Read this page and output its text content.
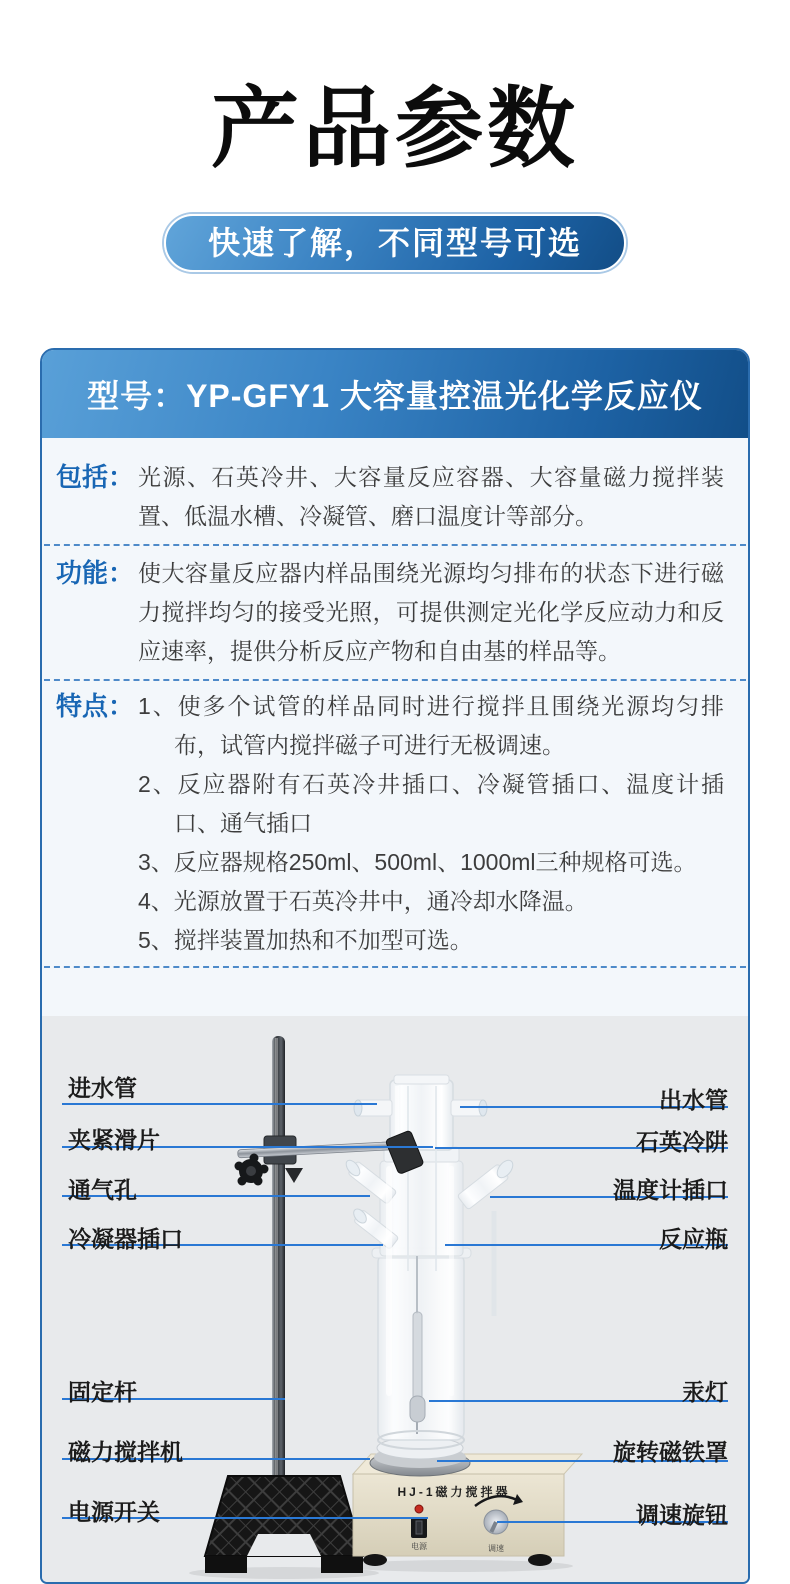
产品参数
快速了解，不同型号可选
型号：YP-GFY1 大容量控温光化学反应仪
包括： 光源、石英冷井、大容量反应容器、大容量磁力搅拌装置、低温水槽、冷凝管、磨口温度计等部分。
功能： 使大容量反应器内样品围绕光源均匀排布的状态下进行磁力搅拌均匀的接受光照，可提供测定光化学反应动力和反应速率，提供分析反应产物和自由基的样品等。
特点： 1、使多个试管的样品同时进行搅拌且围绕光源均匀排布，试管内搅拌磁子可进行无极调速。
2、反应器附有石英冷井插口、冷凝管插口、温度计插口、通气插口
3、反应器规格250ml、500ml、1000ml三种规格可选。
4、光源放置于石英冷井中，通冷却水降温。
5、搅拌装置加热和不加型可选。
HJ-1磁力搅拌器
电源	调速
进水管
夹紧滑片
通气孔
冷凝器插口
固定杆
磁力搅拌机
电源开关
出水管
石英冷阱
温度计插口
反应瓶
汞灯
旋转磁铁罩
调速旋钮
